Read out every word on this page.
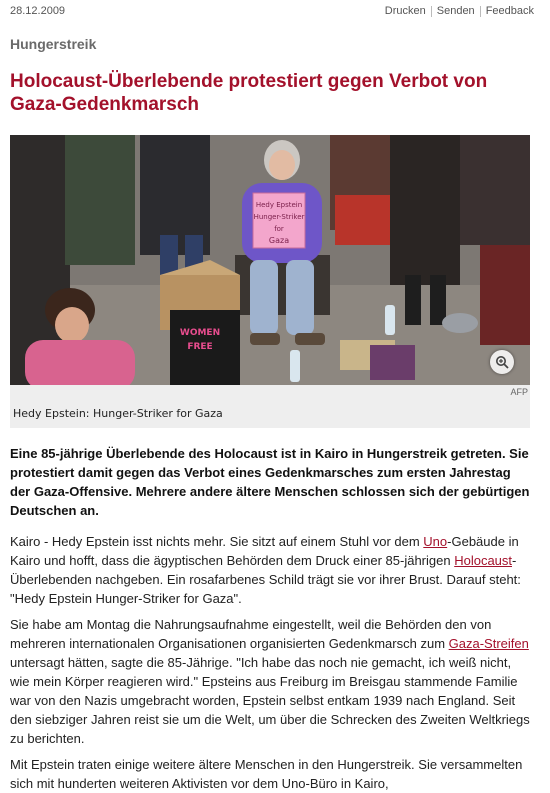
28.12.2009	Drucken Senden Feedback
Hungerstreik
Holocaust-Überlebende protestiert gegen Verbot von Gaza-Gedenkmarsch
Hedy Epstein
Hunger-Striker
for
Gaza
WOMEN
FREE
AFP
Hedy Epstein: Hunger-Striker for Gaza

Eine 85-jährige Überlebende des Holocaust ist in Kairo in Hungerstreik getreten. Sie protestiert damit gegen das Verbot eines Gedenkmarsches zum ersten Jahrestag der Gaza-Offensive. Mehrere andere ältere Menschen schlossen sich der gebürtigen Deutschen an.

Kairo - Hedy Epstein isst nichts mehr. Sie sitzt auf einem Stuhl vor dem Uno-Gebäude in Kairo und hofft, dass die ägyptischen Behörden dem Druck einer 85-jährigen Holocaust-Überlebenden nachgeben. Ein rosafarbenes Schild trägt sie vor ihrer Brust. Darauf steht: "Hedy Epstein Hunger-Striker for Gaza".

Sie habe am Montag die Nahrungsaufnahme eingestellt, weil die Behörden den von mehreren internationalen Organisationen organisierten Gedenkmarsch zum Gaza-Streifen untersagt hätten, sagte die 85-Jährige. "Ich habe das noch nie gemacht, ich weiß nicht, wie mein Körper reagieren wird." Epsteins aus Freiburg im Breisgau stammende Familie war von den Nazis umgebracht worden, Epstein selbst entkam 1939 nach England. Seit den siebziger Jahren reist sie um die Welt, um über die Schrecken des Zweiten Weltkriegs zu berichten.

Mit Epstein traten einige weitere ältere Menschen in den Hungerstreik. Sie versammelten sich mit hunderten weiteren Aktivisten vor dem Uno-Büro in Kairo,
